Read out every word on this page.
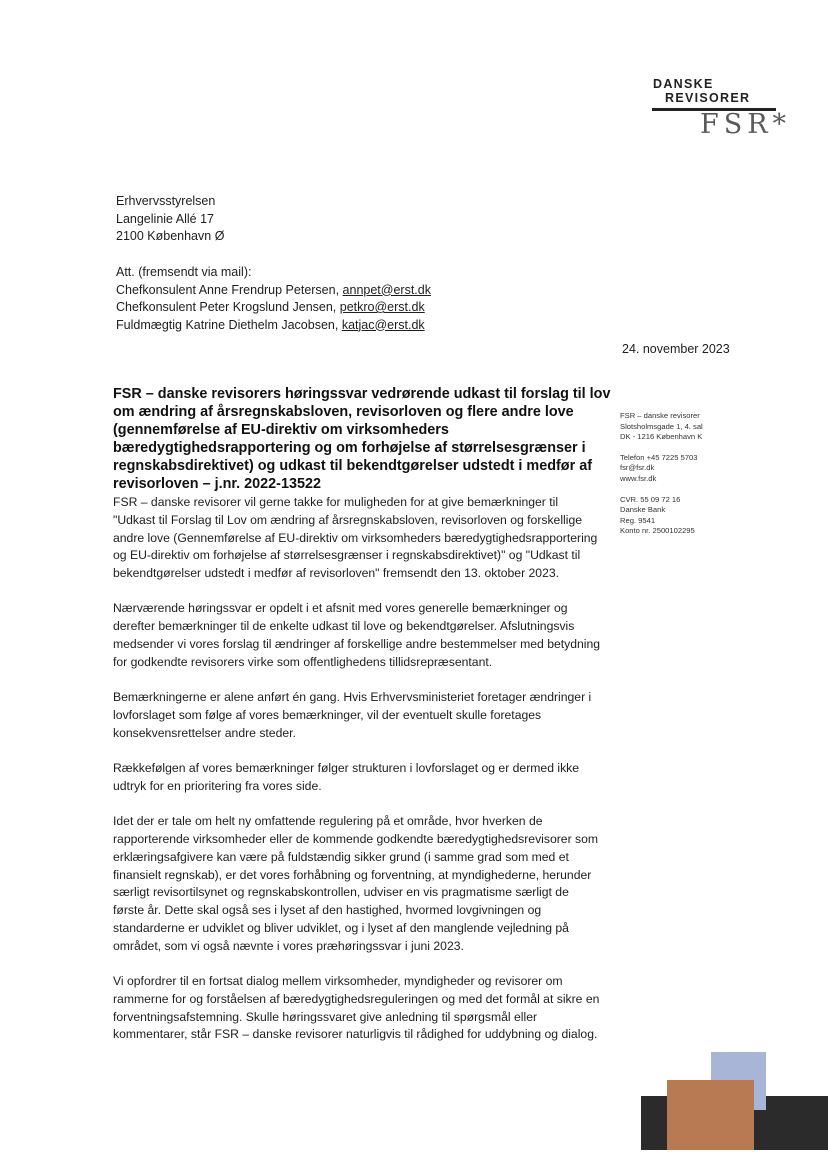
DANSKE
REVISORER
FSR*
Erhvervsstyrelsen
Langelinie Allé 17
2100 København Ø
Att. (fremsendt via mail):
Chefkonsulent Anne Frendrup Petersen, annpet@erst.dk
Chefkonsulent Peter Krogslund Jensen, petkro@erst.dk
Fuldmægtig Katrine Diethelm Jacobsen, katjac@erst.dk
24. november 2023
FSR – danske revisorers høringssvar vedrørende udkast til forslag til lov om ændring af årsregnskabsloven, revisorloven og flere andre love (gennemførelse af EU-direktiv om virksomheders bæredygtighedsrapportering og om forhøjelse af størrelsesgrænser i regnskabsdirektivet) og udkast til bekendtgørelser udstedt i medfør af revisorloven – j.nr. 2022-13522
FSR – danske revisorer
Slotsholmsgade 1, 4. sal
DK - 1216 København K
Telefon +45 7225 5703
fsr@fsr.dk
www.fsr.dk
CVR. 55 09 72 16
Danske Bank
Reg. 9541
Konto nr. 2500102295

FSR – danske revisorer vil gerne takke for muligheden for at give bemærkninger til "Udkast til Forslag til Lov om ændring af årsregnskabsloven, revisorloven og forskellige andre love (Gennemførelse af EU-direktiv om virksomheders bæredygtighedsrapportering og EU-direktiv om forhøjelse af størrelsesgrænser i regnskabsdirektivet)" og "Udkast til bekendtgørelser udstedt i medfør af revisorloven" fremsendt den 13. oktober 2023.

Nærværende høringssvar er opdelt i et afsnit med vores generelle bemærkninger og derefter bemærkninger til de enkelte udkast til love og bekendtgørelser. Afslutningsvis medsender vi vores forslag til ændringer af forskellige andre bestemmelser med betydning for godkendte revisorers virke som offentlighedens tillidsrepræsentant.

Bemærkningerne er alene anført én gang. Hvis Erhvervsministeriet foretager ændringer i lovforslaget som følge af vores bemærkninger, vil der eventuelt skulle foretages konsekvensrettelser andre steder.

Rækkefølgen af vores bemærkninger følger strukturen i lovforslaget og er dermed ikke udtryk for en prioritering fra vores side.

Idet der er tale om helt ny omfattende regulering på et område, hvor hverken de rapporterende virksomheder eller de kommende godkendte bæredygtighedsrevisorer som erklæringsafgivere kan være på fuldstændig sikker grund (i samme grad som med et finansielt regnskab), er det vores forhåbning og forventning, at myndighederne, herunder særligt revisortilsynet og regnskabskontrollen, udviser en vis pragmatisme særligt de første år. Dette skal også ses i lyset af den hastighed, hvormed lovgivningen og standarderne er udviklet og bliver udviklet, og i lyset af den manglende vejledning på området, som vi også nævnte i vores præhøringssvar i juni 2023.

Vi opfordrer til en fortsat dialog mellem virksomheder, myndigheder og revisorer om rammerne for og forståelsen af bæredygtighedsreguleringen og med det formål at sikre en forventningsafstemning. Skulle høringssvaret give anledning til spørgsmål eller kommentarer, står FSR – danske revisorer naturligvis til rådighed for uddybning og dialog.
